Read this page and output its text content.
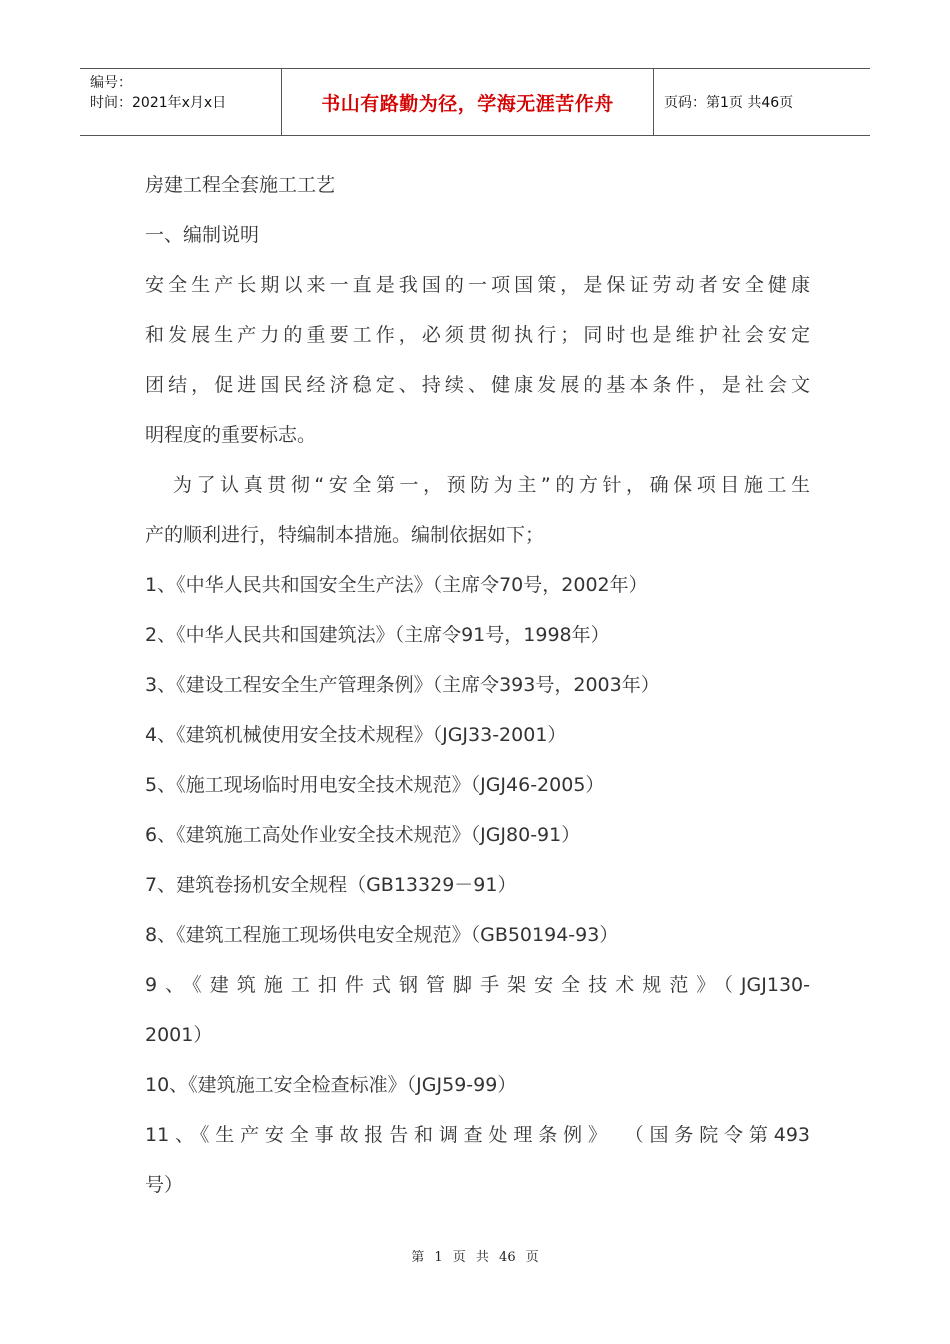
编号：
时间：2021年x月x日	书山有路勤为径，学海无涯苦作舟	页码：第1页 共46页
房建工程全套施工工艺
一、编制说明
安全生产长期以来一直是我国的一项国策，是保证劳动者安全健康
和发展生产力的重要工作，必须贯彻执行；同时也是维护社会安定
团结，促进国民经济稳定、持续、健康发展的基本条件，是社会文
明程度的重要标志。
为了认真贯彻“安全第一，预防为主”的方针，确保项目施工生
产的顺利进行，特编制本措施。编制依据如下；
1、《中华人民共和国安全生产法》（主席令70号，2002年）
2、《中华人民共和国建筑法》（主席令91号，1998年）
3、《建设工程安全生产管理条例》（主席令393号，2003年）
4、《建筑机械使用安全技术规程》（JGJ33-2001）
5、《施工现场临时用电安全技术规范》（JGJ46-2005）
6、《建筑施工高处作业安全技术规范》（JGJ80-91）
7、建筑卷扬机安全规程（GB13329－91）
8、《建筑工程施工现场供电安全规范》（GB50194-93）
9、《建筑施工扣件式钢管脚手架安全技术规范》（JGJ130-
2001）
10、《建筑施工安全检查标准》（JGJ59-99）
11、《生产安全事故报告和调查处理条例》 （国务院令第493
号）
第 1 页 共 46 页
